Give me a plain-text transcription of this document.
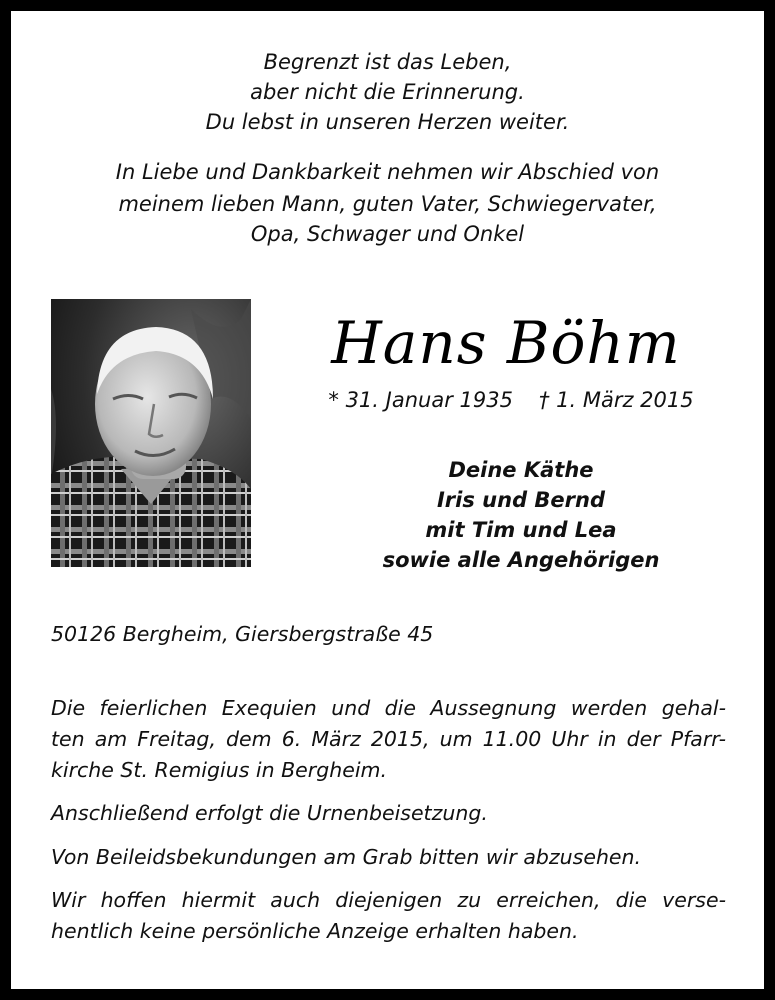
Begrenzt ist das Leben,
aber nicht die Erinnerung.
Du lebst in unseren Herzen weiter.
In Liebe und Dankbarkeit nehmen wir Abschied von
meinem lieben Mann, guten Vater, Schwiegervater,
Opa, Schwager und Onkel
Hans Böhm
* 31. Januar 1935 † 1. März 2015
Deine Käthe
Iris und Bernd
mit Tim und Lea
sowie alle Angehörigen
50126 Bergheim, Giersbergstraße 45
Die feierlichen Exequien und die Aussegnung werden gehal-
ten am Freitag, dem 6. März 2015, um 11.00 Uhr in der Pfarr-
kirche St. Remigius in Bergheim.
Anschließend erfolgt die Urnenbeisetzung.
Von Beileidsbekundungen am Grab bitten wir abzusehen.
Wir hoffen hiermit auch diejenigen zu erreichen, die verse-
hentlich keine persönliche Anzeige erhalten haben.
